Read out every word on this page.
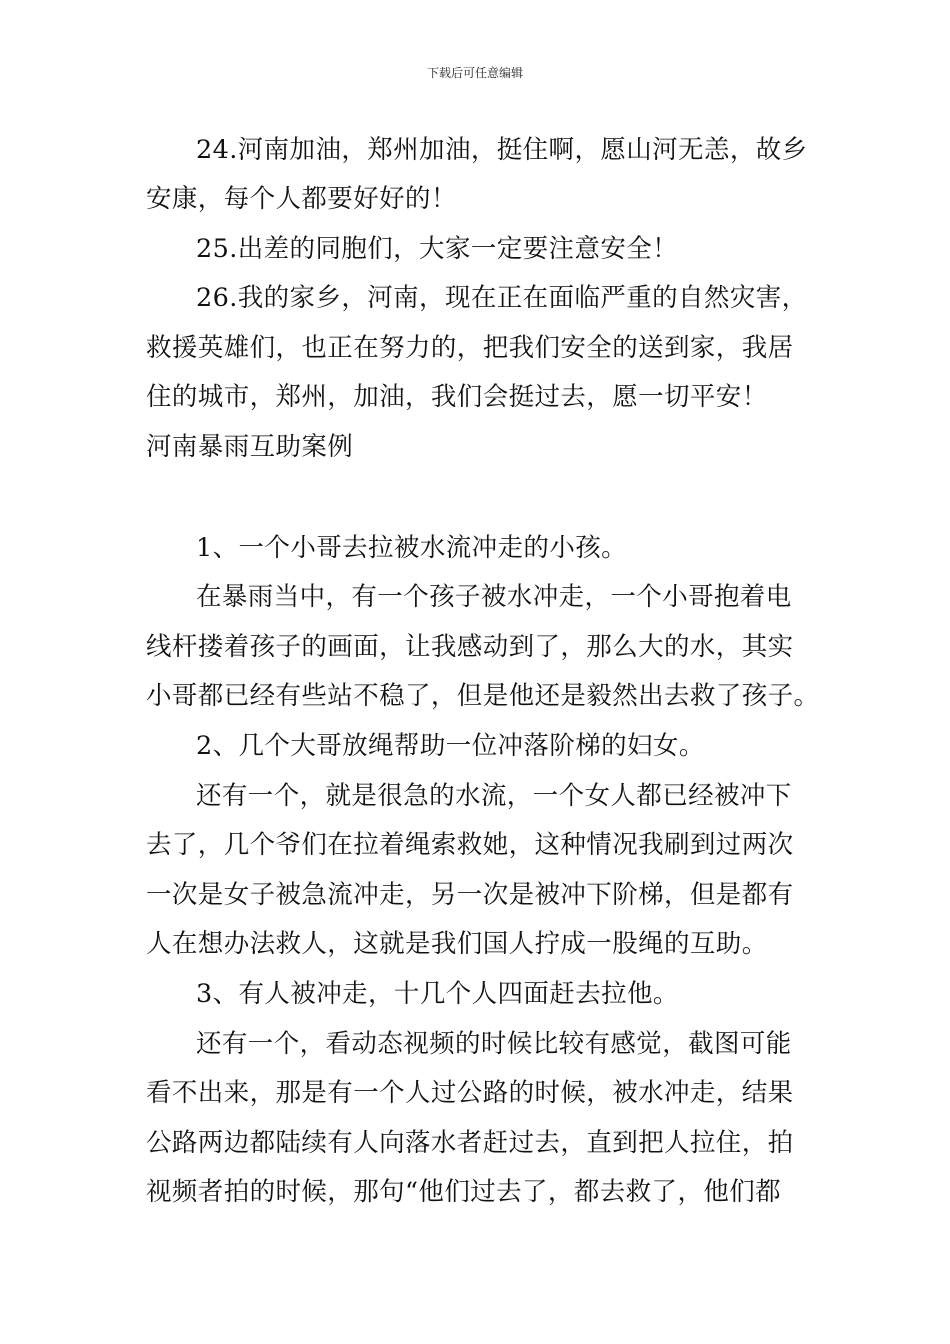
下载后可任意编辑
24.河南加油，郑州加油，挺住啊，愿山河无恙，故乡
安康，每个人都要好好的！
25.出差的同胞们，大家一定要注意安全！
26.我的家乡，河南，现在正在面临严重的自然灾害，
救援英雄们，也正在努力的，把我们安全的送到家，我居
住的城市，郑州，加油，我们会挺过去，愿一切平安！
河南暴雨互助案例
1、一个小哥去拉被水流冲走的小孩。
在暴雨当中，有一个孩子被水冲走，一个小哥抱着电
线杆搂着孩子的画面，让我感动到了，那么大的水，其实
小哥都已经有些站不稳了，但是他还是毅然出去救了孩子。
2、几个大哥放绳帮助一位冲落阶梯的妇女。
还有一个，就是很急的水流，一个女人都已经被冲下
去了，几个爷们在拉着绳索救她，这种情况我刷到过两次
一次是女子被急流冲走，另一次是被冲下阶梯，但是都有
人在想办法救人，这就是我们国人拧成一股绳的互助。
3、有人被冲走，十几个人四面赶去拉他。
还有一个，看动态视频的时候比较有感觉，截图可能
看不出来，那是有一个人过公路的时候，被水冲走，结果
公路两边都陆续有人向落水者赶过去，直到把人拉住，拍
视频者拍的时候，那句“他们过去了，都去救了，他们都
